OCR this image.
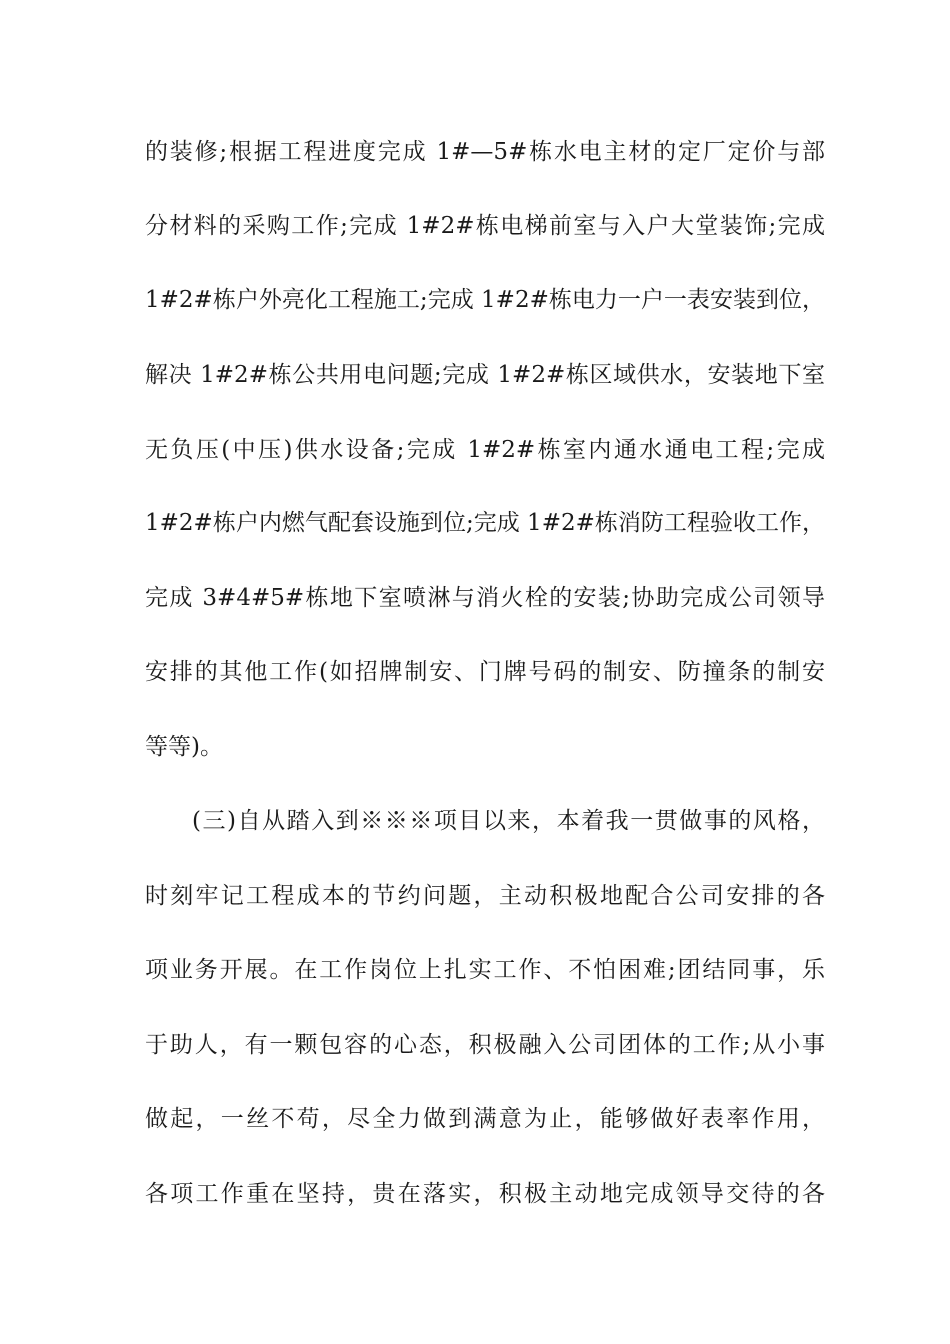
的装修;根据工程进度完成 1#—5#栋水电主材的定厂定价与部
分材料的采购工作;完成 1#2#栋电梯前室与入户大堂装饰;完成
1#2#栋户外亮化工程施工;完成 1#2#栋电力一户一表安装到位，
解决 1#2#栋公共用电问题;完成 1#2#栋区域供水，安装地下室
无负压(中压)供水设备;完成 1#2#栋室内通水通电工程;完成
1#2#栋户内燃气配套设施到位;完成 1#2#栋消防工程验收工作，
完成 3#4#5#栋地下室喷淋与消火栓的安装;协助完成公司领导
安排的其他工作(如招牌制安、门牌号码的制安、防撞条的制安
等等)。
(三)自从踏入到※※※项目以来，本着我一贯做事的风格，
时刻牢记工程成本的节约问题，主动积极地配合公司安排的各
项业务开展。在工作岗位上扎实工作、不怕困难;团结同事，乐
于助人，有一颗包容的心态，积极融入公司团体的工作;从小事
做起，一丝不苟，尽全力做到满意为止，能够做好表率作用，
各项工作重在坚持，贵在落实，积极主动地完成领导交待的各
